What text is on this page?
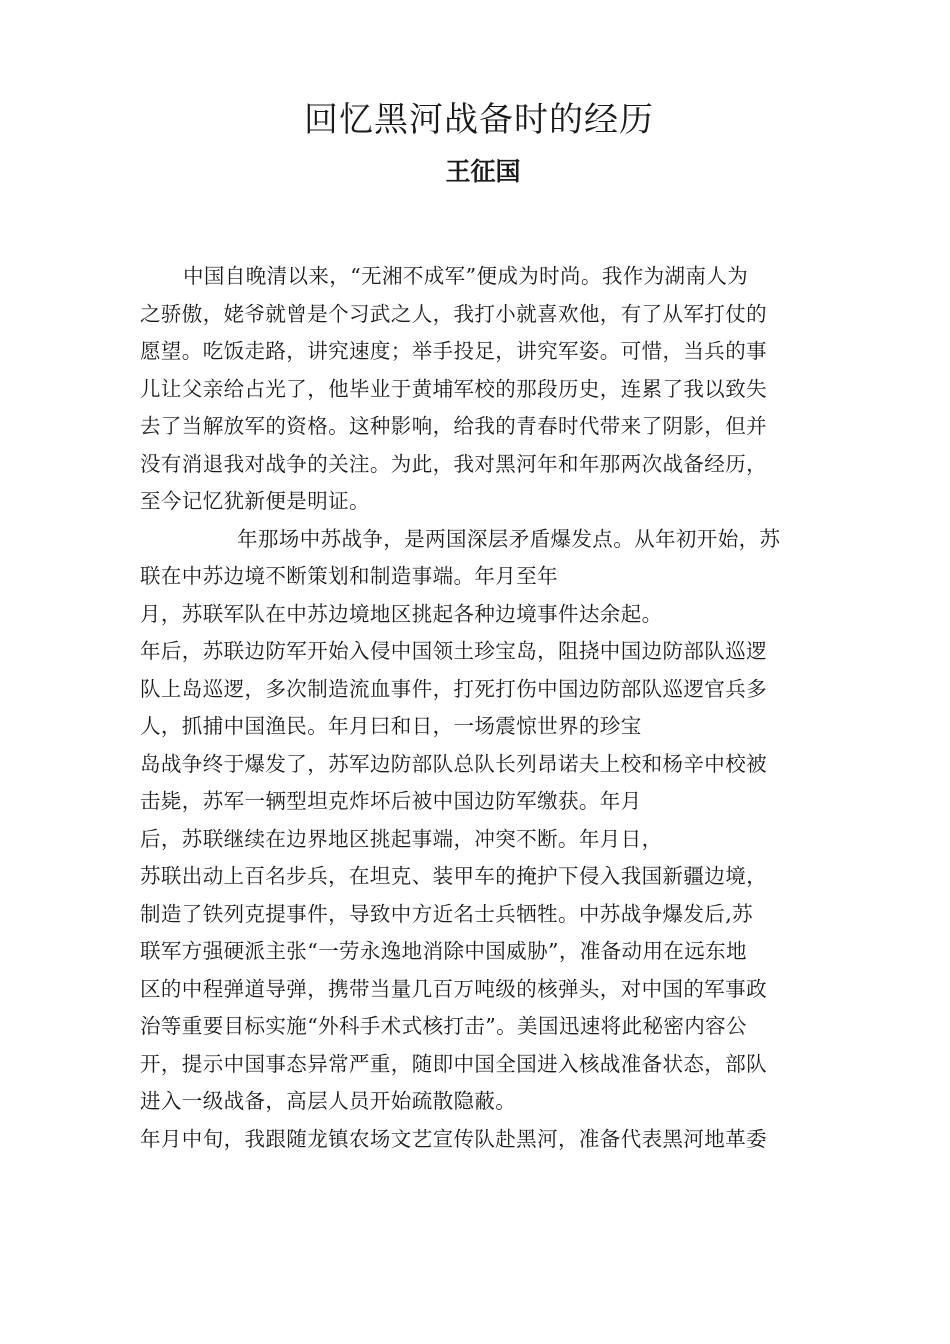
回忆黑河战备时的经历
王征国
中国自晚清以来，“无湘不成军”便成为时尚。我作为湖南人为
之骄傲，姥爷就曾是个习武之人，我打小就喜欢他，有了从军打仗的
愿望。吃饭走路，讲究速度；举手投足，讲究军姿。可惜，当兵的事
儿让父亲给占光了，他毕业于黄埔军校的那段历史，连累了我以致失
去了当解放军的资格。这种影响，给我的青春时代带来了阴影，但并
没有消退我对战争的关注。为此，我对黑河年和年那两次战备经历，
至今记忆犹新便是明证。
年那场中苏战争，是两国深层矛盾爆发点。从年初开始，苏
联在中苏边境不断策划和制造事端。年月至年
月，苏联军队在中苏边境地区挑起各种边境事件达余起。
年后，苏联边防军开始入侵中国领土珍宝岛，阻挠中国边防部队巡逻
队上岛巡逻，多次制造流血事件，打死打伤中国边防部队巡逻官兵多
人，抓捕中国渔民。年月曰和日，一场震惊世界的珍宝
岛战争终于爆发了，苏军边防部队总队长列昂诺夫上校和杨辛中校被
击毙，苏军一辆型坦克炸坏后被中国边防军缴获。年月
后，苏联继续在边界地区挑起事端，冲突不断。年月日，
苏联出动上百名步兵，在坦克、装甲车的掩护下侵入我国新疆边境，
制造了铁列克提事件，导致中方近名士兵牺牲。中苏战争爆发后,苏
联军方强硬派主张“一劳永逸地消除中国威胁”，准备动用在远东地
区的中程弹道导弹，携带当量几百万吨级的核弹头，对中国的军事政
治等重要目标实施“外科手术式核打击”。美国迅速将此秘密内容公
开，提示中国事态异常严重，随即中国全国进入核战准备状态，部队
进入一级战备，高层人员开始疏散隐蔽。
年月中旬，我跟随龙镇农场文艺宣传队赴黑河，准备代表黑河地革委
